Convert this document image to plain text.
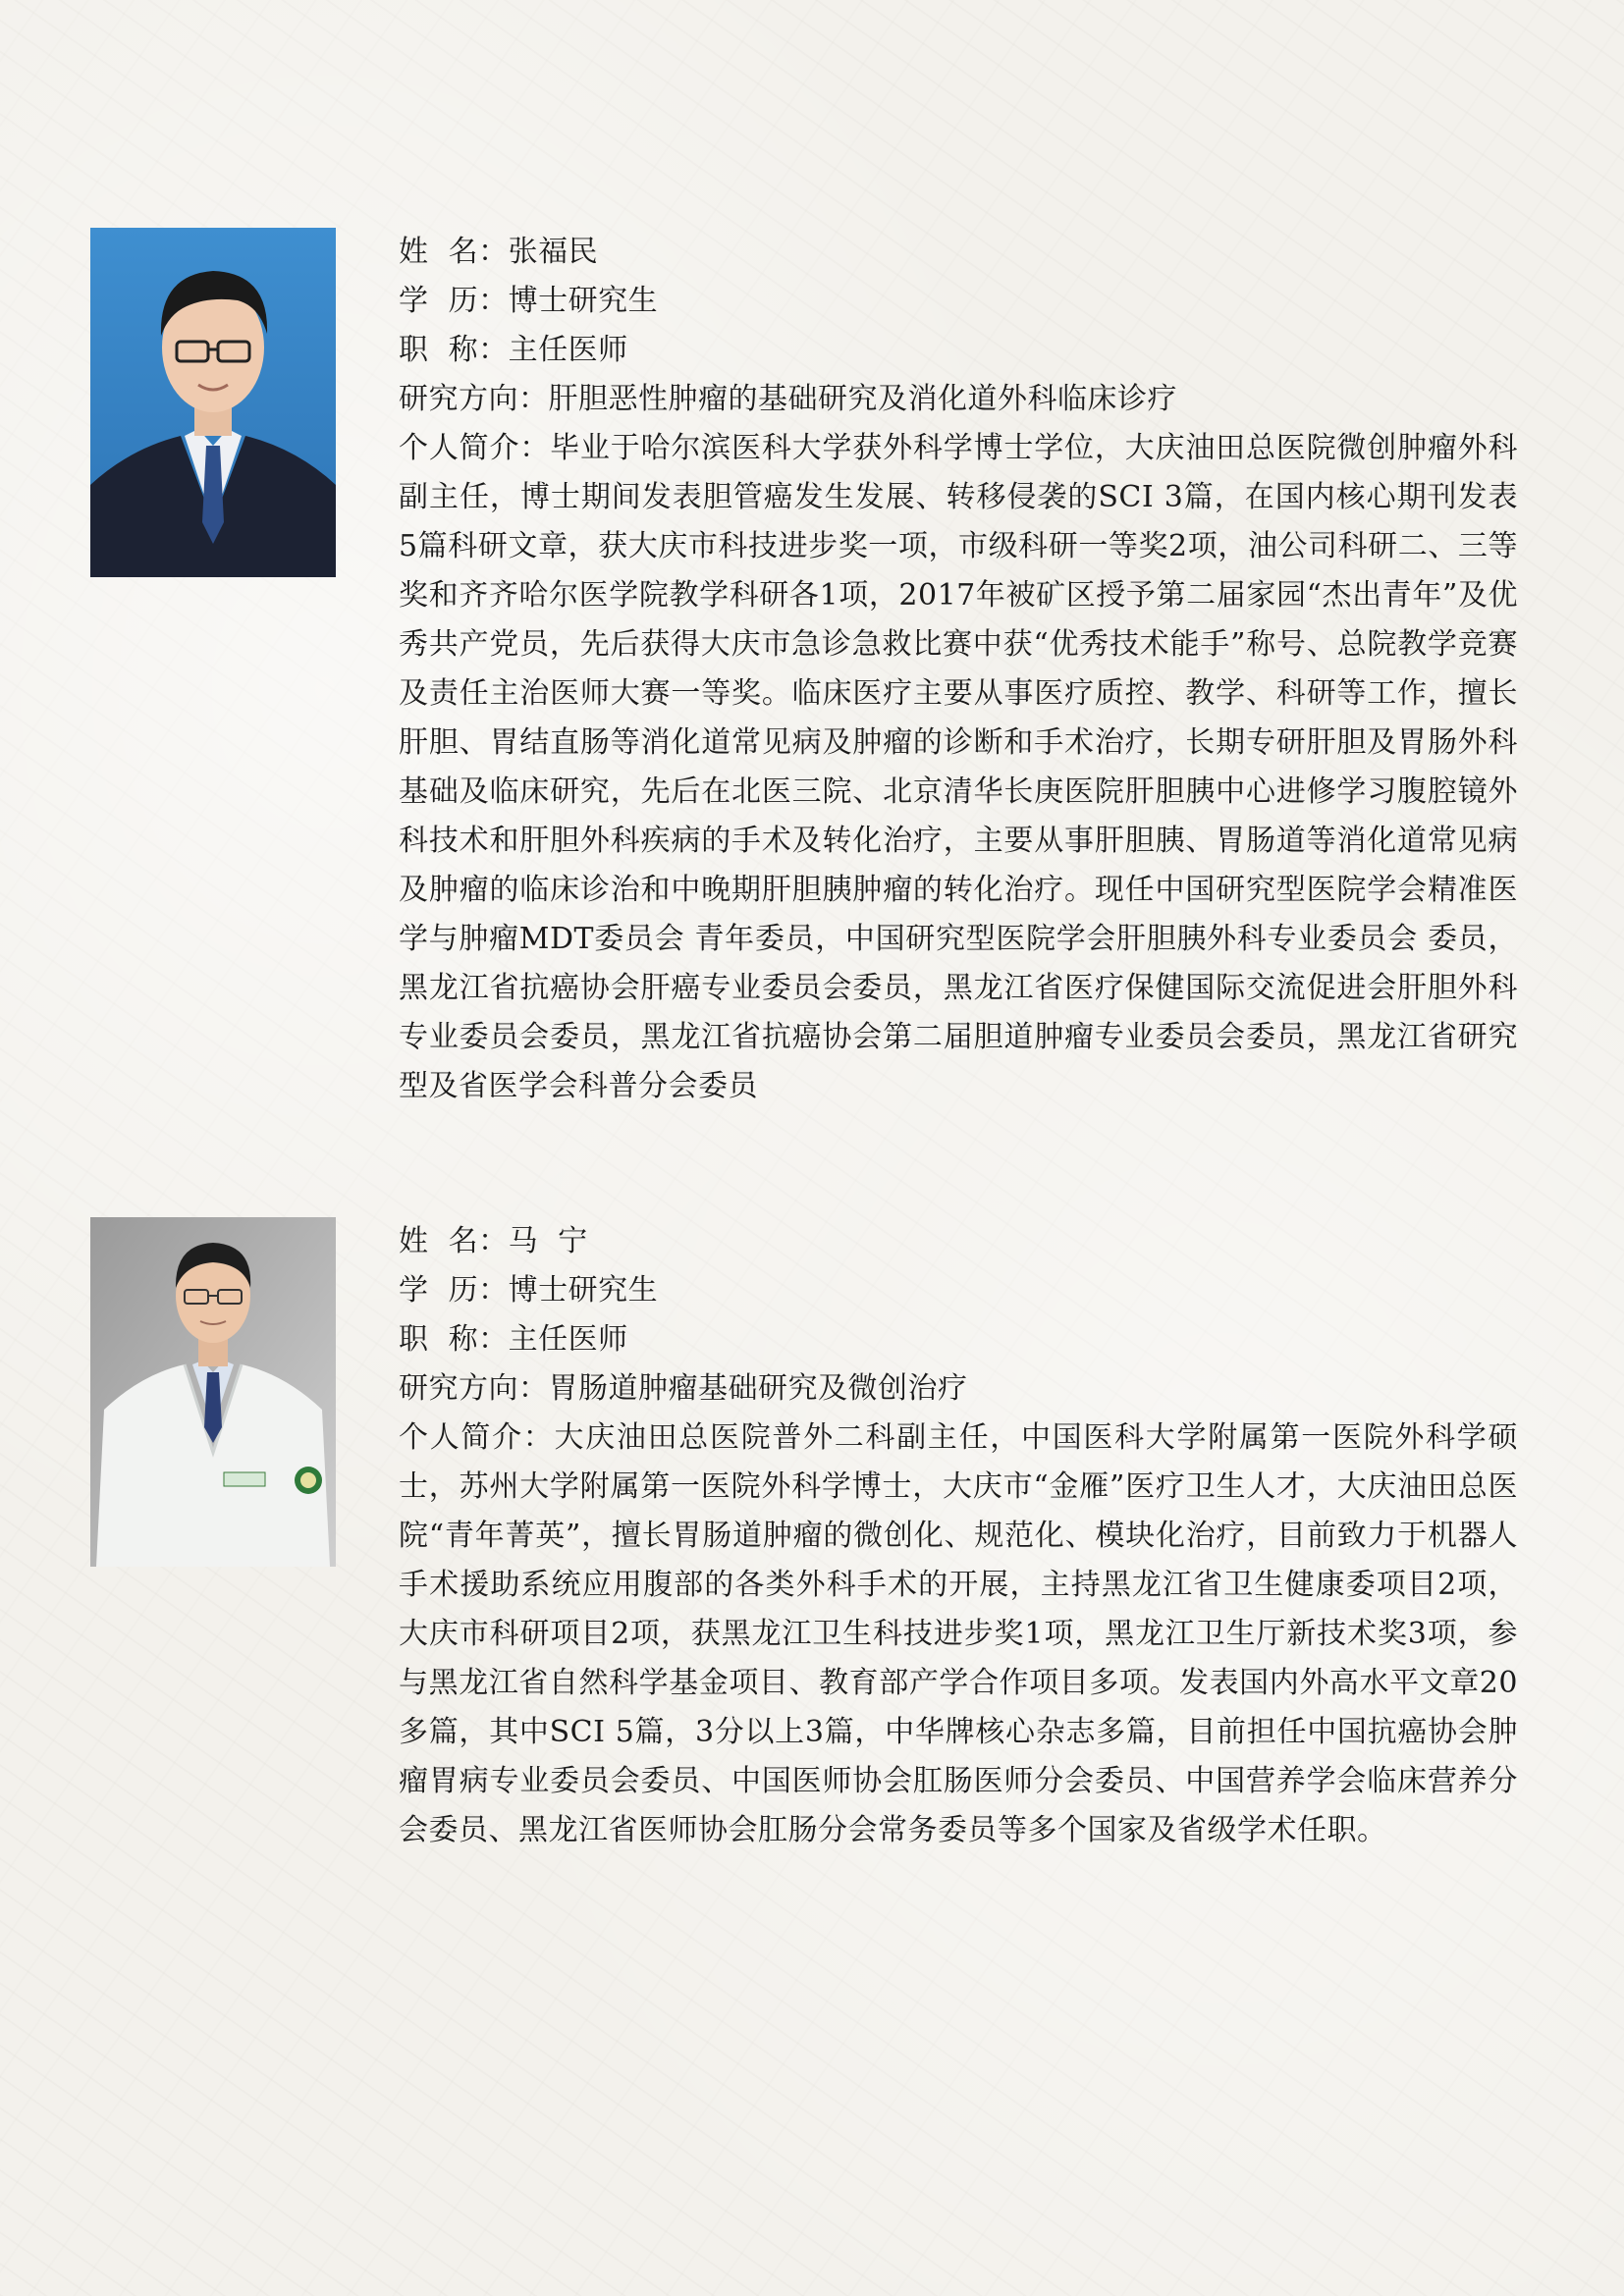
姓  名：张福民

学  历：博士研究生

职  称：主任医师

研究方向：肝胆恶性肿瘤的基础研究及消化道外科临床诊疗

个人简介：毕业于哈尔滨医科大学获外科学博士学位，大庆油田总医院微创肿瘤外科副主任，博士期间发表胆管癌发生发展、转移侵袭的SCI 3篇，在国内核心期刊发表5篇科研文章，获大庆市科技进步奖一项，市级科研一等奖2项，油公司科研二、三等奖和齐齐哈尔医学院教学科研各1项，2017年被矿区授予第二届家园“杰出青年”及优秀共产党员，先后获得大庆市急诊急救比赛中获“优秀技术能手”称号、总院教学竞赛及责任主治医师大赛一等奖。临床医疗主要从事医疗质控、教学、科研等工作，擅长肝胆、胃结直肠等消化道常见病及肿瘤的诊断和手术治疗，长期专研肝胆及胃肠外科基础及临床研究，先后在北医三院、北京清华长庚医院肝胆胰中心进修学习腹腔镜外科技术和肝胆外科疾病的手术及转化治疗，主要从事肝胆胰、胃肠道等消化道常见病及肿瘤的临床诊治和中晚期肝胆胰肿瘤的转化治疗。现任中国研究型医院学会精准医学与肿瘤MDT委员会 青年委员，中国研究型医院学会肝胆胰外科专业委员会 委员，黑龙江省抗癌协会肝癌专业委员会委员，黑龙江省医疗保健国际交流促进会肝胆外科专业委员会委员，黑龙江省抗癌协会第二届胆道肿瘤专业委员会委员，黑龙江省研究型及省医学会科普分会委员

姓  名：马  宁

学  历：博士研究生

职  称：主任医师

研究方向：胃肠道肿瘤基础研究及微创治疗

个人简介：大庆油田总医院普外二科副主任，中国医科大学附属第一医院外科学硕士，苏州大学附属第一医院外科学博士，大庆市“金雁”医疗卫生人才，大庆油田总医院“青年菁英”，擅长胃肠道肿瘤的微创化、规范化、模块化治疗，目前致力于机器人手术援助系统应用腹部的各类外科手术的开展，主持黑龙江省卫生健康委项目2项，大庆市科研项目2项，获黑龙江卫生科技进步奖1项，黑龙江卫生厅新技术奖3项，参与黑龙江省自然科学基金项目、教育部产学合作项目多项。发表国内外高水平文章20多篇，其中SCI 5篇，3分以上3篇，中华牌核心杂志多篇，目前担任中国抗癌协会肿瘤胃病专业委员会委员、中国医师协会肛肠医师分会委员、中国营养学会临床营养分会委员、黑龙江省医师协会肛肠分会常务委员等多个国家及省级学术任职。
